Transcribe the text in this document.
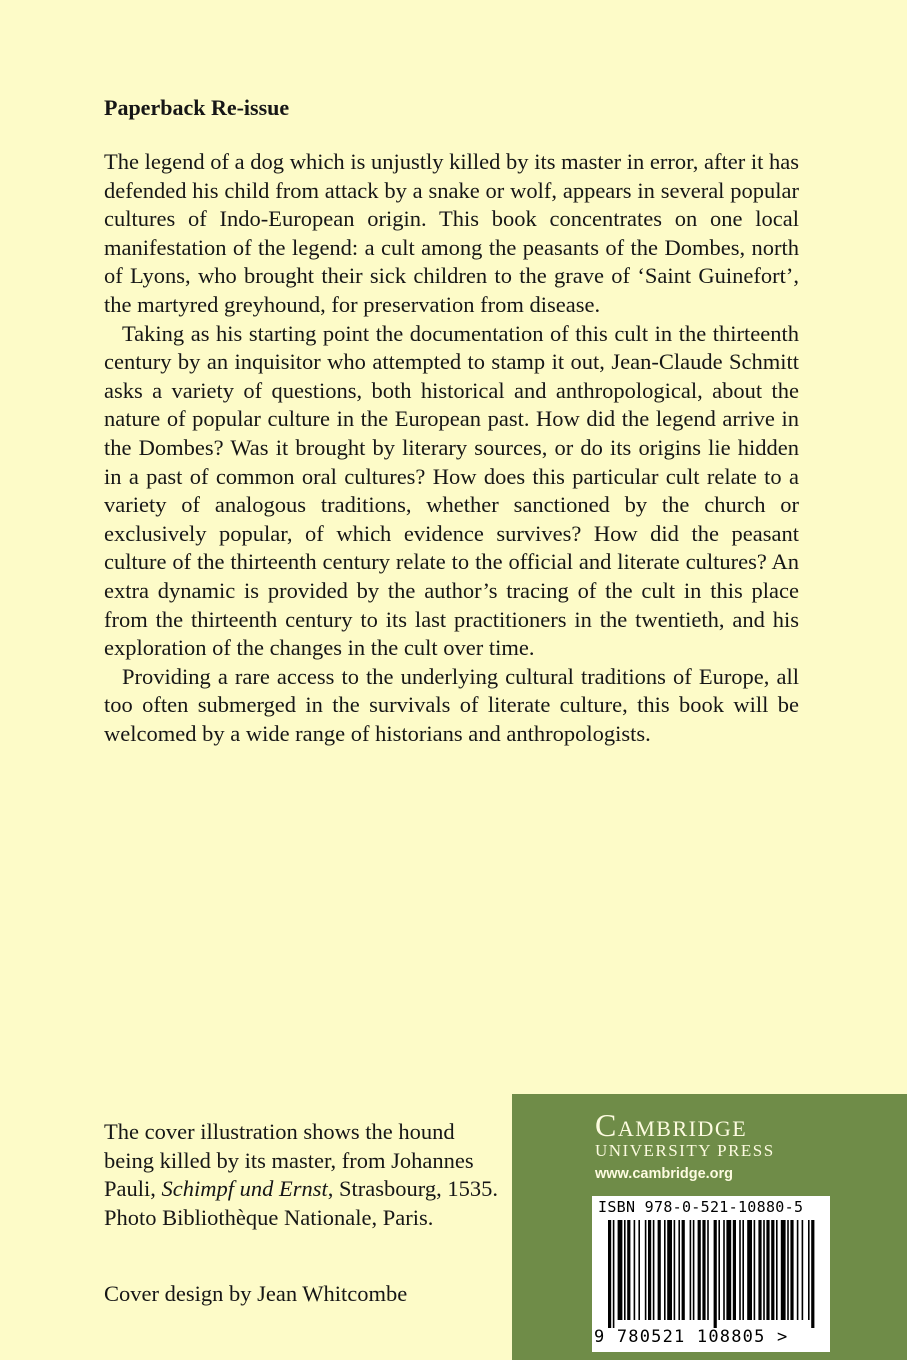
Paperback Re-issue

The legend of a dog which is unjustly killed by its master in error, after it has defended his child from attack by a snake or wolf, appears in several popular cultures of Indo-European origin. This book concentrates on one local manifestation of the legend: a cult among the peasants of the Dombes, north of Lyons, who brought their sick children to the grave of ‘Saint Guinefort’, the martyred greyhound, for preservation from disease.

Taking as his starting point the documentation of this cult in the thirteenth century by an inquisitor who attempted to stamp it out, Jean-Claude Schmitt asks a variety of questions, both historical and anthropological, about the nature of popular culture in the European past. How did the legend arrive in the Dombes? Was it brought by literary sources, or do its origins lie hidden in a past of common oral cultures? How does this particular cult relate to a variety of analogous traditions, whether sanctioned by the church or exclusively popular, of which evidence survives? How did the peasant culture of the thirteenth century relate to the official and literate cultures? An extra dynamic is provided by the author’s tracing of the cult in this place from the thirteenth century to its last practitioners in the twentieth, and his exploration of the changes in the cult over time.

Providing a rare access to the underlying cultural traditions of Europe, all too often submerged in the survivals of literate culture, this book will be welcomed by a wide range of historians and anthropologists.

The cover illustration shows the hound being killed by its master, from Johannes Pauli, Schimpf und Ernst, Strasbourg, 1535. Photo Bibliothèque Nationale, Paris.
Cover design by Jean Whitcombe
Cambridge
UNIVERSITY PRESS
www.cambridge.org
ISBN 978-0-521-10880-5
9 780521 108805 >
